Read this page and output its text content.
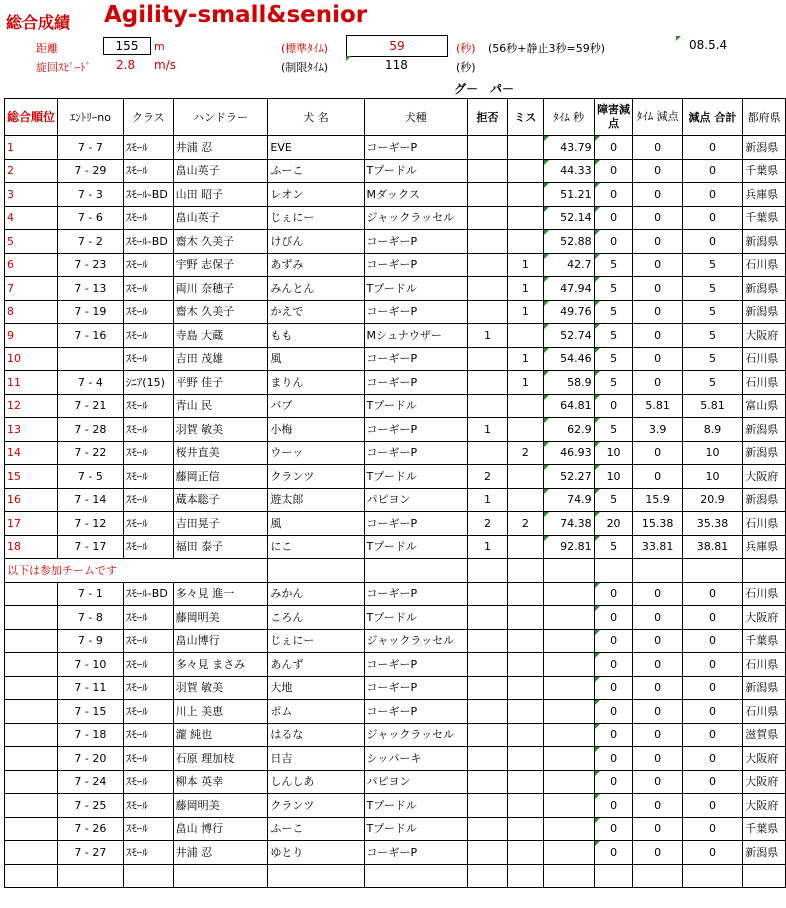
総合成績 Agility-small&senior
距離	155	m
旋回ｽﾋﾟｰﾄﾞ 2.8 m/s
(標準ﾀｲﾑ)	59	(秒) (56秒+静止3秒=59秒)	08.5.4
(制限ﾀｲﾑ)	118	(秒)
グ－　パ－
総合順位	ｴﾝﾄﾘｰno	クラス	ハンドラー	犬 名	犬種	拒否	ミス	ﾀｲﾑ 秒	障害減点	ﾀｲﾑ 減点	減点 合計	都府県
1	7 - 7	ｽﾓｰﾙ	井浦 忍	EVE	コーギーP			43.79	0	0	0	新潟県
2	7 - 29	ｽﾓｰﾙ	畠山英子	ふーこ	Tプードル			44.33	0	0	0	千葉県
3	7 - 3	ｽﾓｰﾙ-BD	山田 昭子	レオン	Mダックス			51.21	0	0	0	兵庫県
4	7 - 6	ｽﾓｰﾙ	畠山英子	じぇにー	ジャックラッセル			52.14	0	0	0	千葉県
5	7 - 2	ｽﾓｰﾙ-BD	齋木 久美子	けびん	コーギーP			52.88	0	0	0	新潟県
6	7 - 23	ｽﾓｰﾙ	宇野 志保子	あずみ	コーギーP		1	42.7	5	0	5	石川県
7	7 - 13	ｽﾓｰﾙ	両川 奈穂子	みんとん	Tプードル		1	47.94	5	0	5	新潟県
8	7 - 19	ｽﾓｰﾙ	齋木 久美子	かえで	コーギーP		1	49.76	5	0	5	新潟県
9	7 - 16	ｽﾓｰﾙ	寺島 大蔵	もも	Mシュナウザー	1		52.74	5	0	5	大阪府
10		ｽﾓｰﾙ	吉田 茂雄	風	コーギーP		1	54.46	5	0	5	石川県
11	7 - 4	ｼﾆｱ(15)	平野 佳子	まりん	コーギーP		1	58.9	5	0	5	石川県
12	7 - 21	ｽﾓｰﾙ	青山 民	バブ	Tプードル			64.81	0	5.81	5.81	富山県
13	7 - 28	ｽﾓｰﾙ	羽賀 敏美	小梅	コーギーP	1		62.9	5	3.9	8.9	新潟県
14	7 - 22	ｽﾓｰﾙ	桜井直美	ウーッ	コーギーP		2	46.93	10	0	10	新潟県
15	7 - 5	ｽﾓｰﾙ	藤岡正信	クランツ	Tプードル	2		52.27	10	0	10	大阪府
16	7 - 14	ｽﾓｰﾙ	蔵本聡子	遊太郎	パピヨン	1		74.9	5	15.9	20.9	新潟県
17	7 - 12	ｽﾓｰﾙ	吉田晃子	風	コーギーP	2	2	74.38	20	15.38	35.38	石川県
18	7 - 17	ｽﾓｰﾙ	福田 泰子	にこ	Tプードル	1		92.81	5	33.81	38.81	兵庫県
以下は参加チームです												
	7 - 1	ｽﾓｰﾙ-BD	多々見 進一	みかん	コーギーP				0	0	0	石川県
	7 - 8	ｽﾓｰﾙ	藤岡明美	ころん	Tプードル				0	0	0	大阪府
	7 - 9	ｽﾓｰﾙ	畠山博行	じぇにー	ジャックラッセル				0	0	0	千葉県
	7 - 10	ｽﾓｰﾙ	多々見 まさみ	あんず	コーギーP				0	0	0	石川県
	7 - 11	ｽﾓｰﾙ	羽賀 敏美	大地	コーギーP				0	0	0	新潟県
	7 - 15	ｽﾓｰﾙ	川上 美恵	ポム	コーギーP				0	0	0	石川県
	7 - 18	ｽﾓｰﾙ	瀧 純也	はるな	ジャックラッセル				0	0	0	滋賀県
	7 - 20	ｽﾓｰﾙ	石原 理加枝	日吉	シッパーキ				0	0	0	大阪府
	7 - 24	ｽﾓｰﾙ	柳本 英幸	しんしあ	パピヨン				0	0	0	大阪府
	7 - 25	ｽﾓｰﾙ	藤岡明美	クランツ	Tプードル				0	0	0	大阪府
	7 - 26	ｽﾓｰﾙ	畠山 博行	ふーこ	Tプードル				0	0	0	千葉県
	7 - 27	ｽﾓｰﾙ	井浦 忍	ゆとり	コーギーP				0	0	0	新潟県
